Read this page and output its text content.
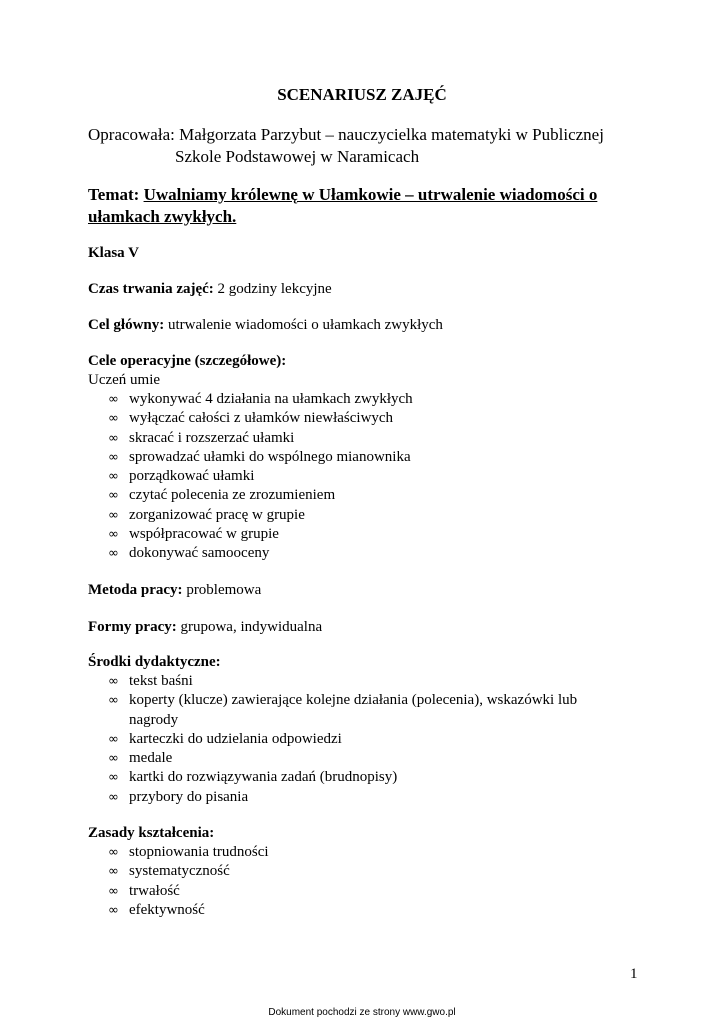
SCENARIUSZ ZAJĘĆ
Opracowała: Małgorzata Parzybut – nauczycielka matematyki w Publicznej
Szkole Podstawowej w Naramicach
Temat: Uwalniamy królewnę w Ułamkowie – utrwalenie wiadomości o ułamkach zwykłych.
Klasa V
Czas trwania zajęć: 2 godziny lekcyjne
Cel główny: utrwalenie wiadomości o ułamkach zwykłych
Cele operacyjne (szczegółowe):
Uczeń umie
∞ wykonywać 4 działania na ułamkach zwykłych
∞ wyłączać całości z ułamków niewłaściwych
∞ skracać i rozszerzać ułamki
∞ sprowadzać ułamki do wspólnego mianownika
∞ porządkować ułamki
∞ czytać polecenia ze zrozumieniem
∞ zorganizować pracę w grupie
∞ współpracować w grupie
∞ dokonywać samooceny
Metoda pracy: problemowa
Formy pracy: grupowa, indywidualna
Środki dydaktyczne:
∞ tekst baśni
∞ koperty (klucze) zawierające kolejne działania (polecenia), wskazówki lub nagrody
∞ karteczki do udzielania odpowiedzi
∞ medale
∞ kartki do rozwiązywania zadań (brudnopisy)
∞ przybory do pisania
Zasady kształcenia:
∞ stopniowania trudności
∞ systematyczność
∞ trwałość
∞ efektywność
1
Dokument pochodzi ze strony www.gwo.pl
